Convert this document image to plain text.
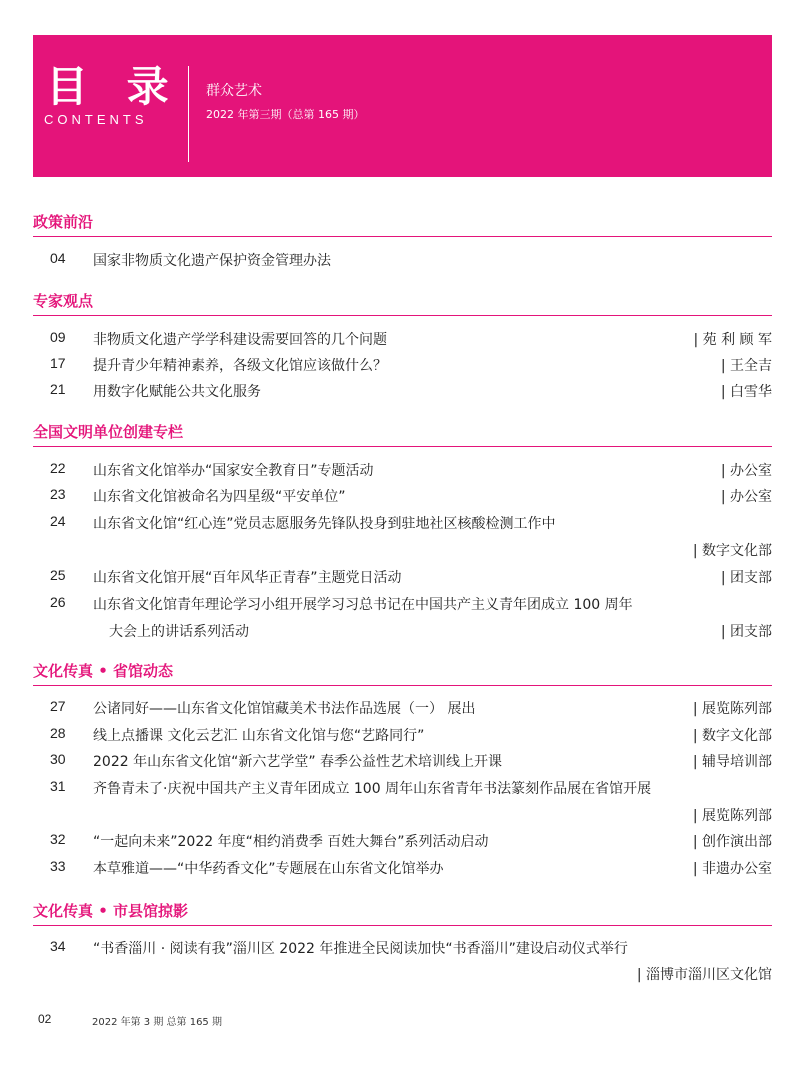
目 录
CONTENTS
群众艺术
2022 年第三期（总第 165 期）
政策前沿
04 国家非物质文化遗产保护资金管理办法
专家观点
09 非物质文化遗产学学科建设需要回答的几个问题	| 苑 利 顾 军
17 提升青少年精神素养，各级文化馆应该做什么？	| 王全吉
21 用数字化赋能公共文化服务	| 白雪华
全国文明单位创建专栏
22 山东省文化馆举办“国家安全教育日”专题活动	| 办公室
23 山东省文化馆被命名为四星级“平安单位”	| 办公室
24 山东省文化馆“红心连”党员志愿服务先锋队投身到驻地社区核酸检测工作中
| 数字文化部
25 山东省文化馆开展“百年风华正青春”主题党日活动	| 团支部
26 山东省文化馆青年理论学习小组开展学习习总书记在中国共产主义青年团成立 100 周年
大会上的讲话系列活动	| 团支部
文化传真 • 省馆动态
27 公诸同好——山东省文化馆馆藏美术书法作品选展（一） 展出	| 展览陈列部
28 线上点播课 文化云艺汇 山东省文化馆与您“艺路同行”	| 数字文化部
30 2022 年山东省文化馆“新六艺学堂” 春季公益性艺术培训线上开课	| 辅导培训部
31 齐鲁青未了·庆祝中国共产主义青年团成立 100 周年山东省青年书法篆刻作品展在省馆开展
| 展览陈列部
32 “一起向未来”2022 年度“相约消费季 百姓大舞台”系列活动启动	| 创作演出部
33 本草雅道——“中华药香文化”专题展在山东省文化馆举办	| 非遗办公室
文化传真 • 市县馆掠影
34 “书香淄川 · 阅读有我”淄川区 2022 年推进全民阅读加快“书香淄川”建设启动仪式举行
| 淄博市淄川区文化馆
02	2022 年第 3 期 总第 165 期
